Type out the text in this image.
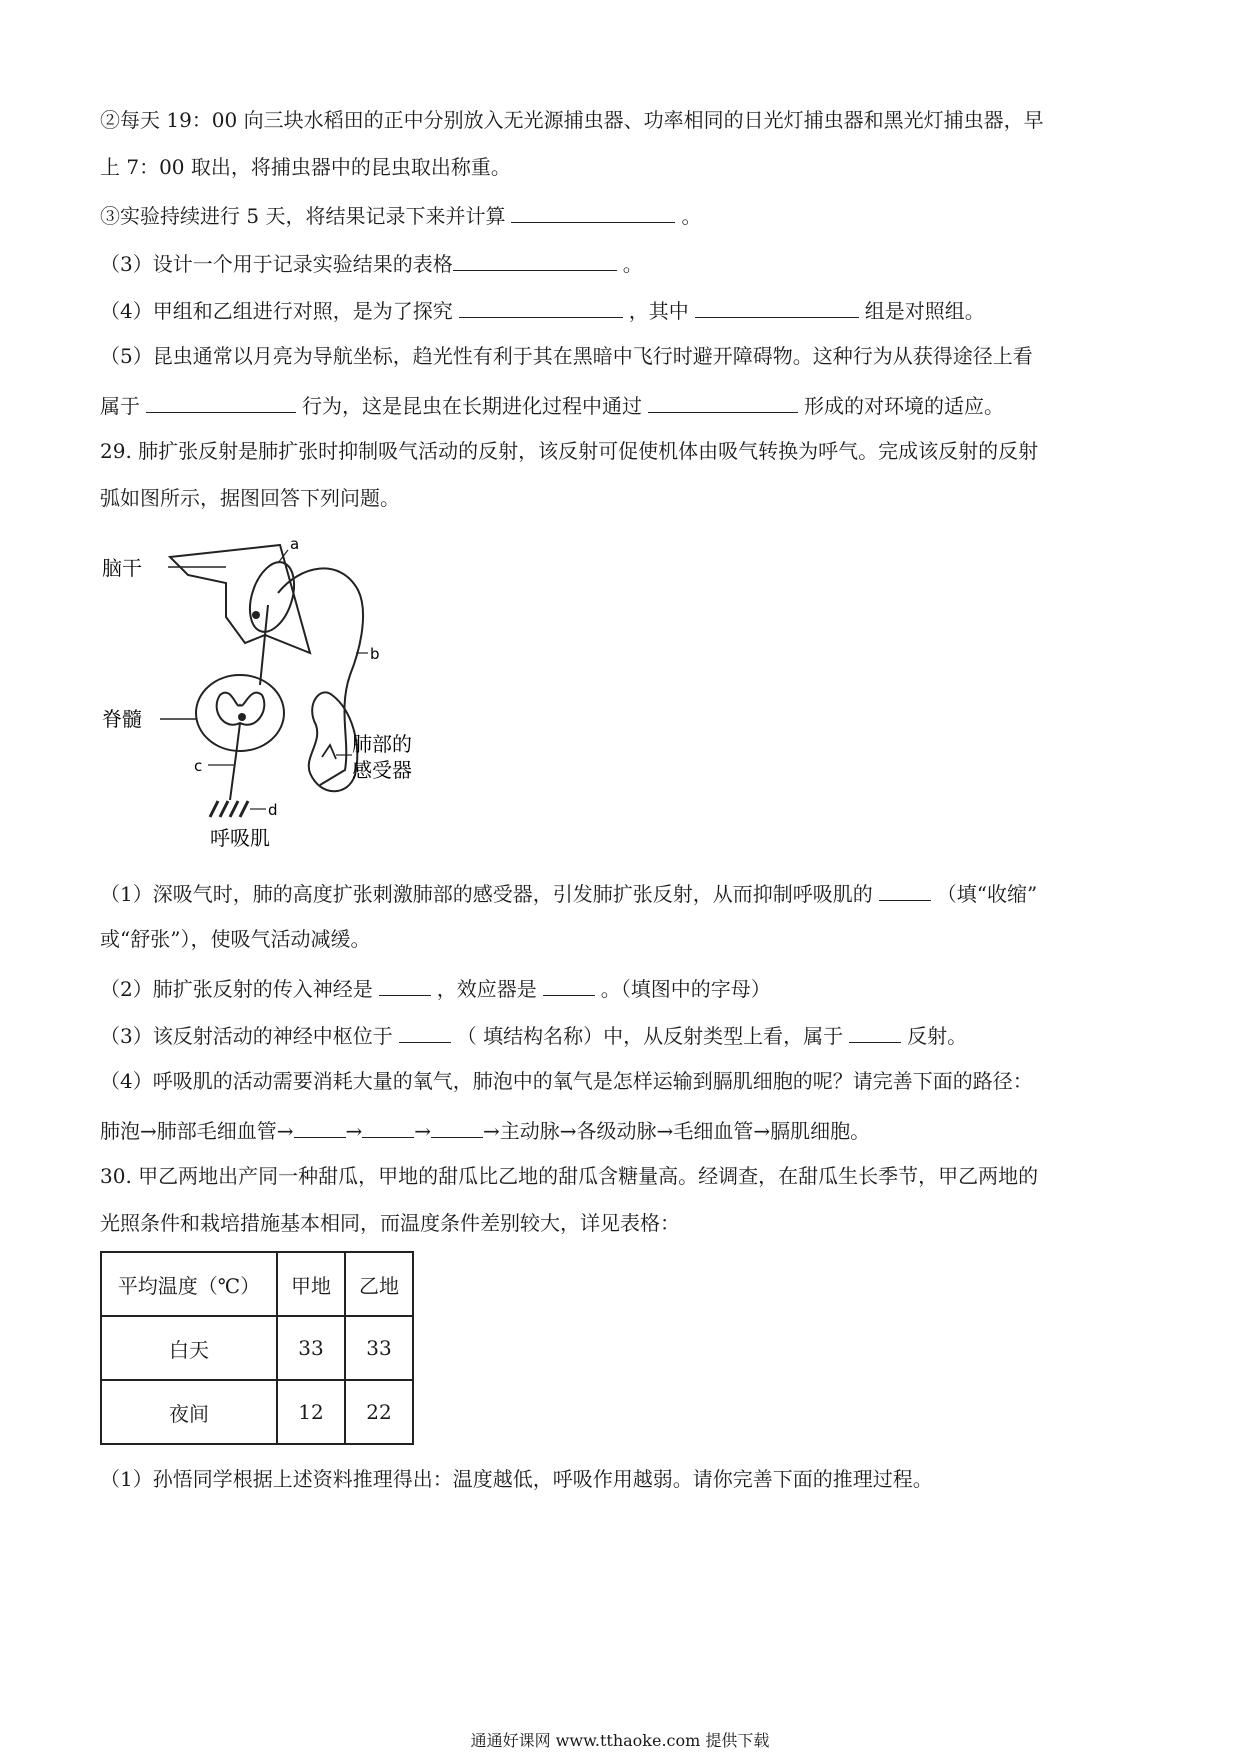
②每天 19：00 向三块水稻田的正中分别放入无光源捕虫器、功率相同的日光灯捕虫器和黑光灯捕虫器，早
上 7：00 取出，将捕虫器中的昆虫取出称重。
③实验持续进行 5 天，将结果记录下来并计算	。
（3）设计一个用于记录实验结果的表格	。
（4）甲组和乙组进行对照，是为了探究	，其中	组是对照组。
（5）昆虫通常以月亮为导航坐标，趋光性有利于其在黑暗中飞行时避开障碍物。这种行为从获得途径上看
属于	行为，这是昆虫在长期进化过程中通过	形成的对环境的适应。
29. 肺扩张反射是肺扩张时抑制吸气活动的反射，该反射可促使机体由吸气转换为呼气。完成该反射的反射
弧如图所示，据图回答下列问题。
脑干
a
b
脊髓
c
d
肺部的
感受器
呼吸肌
（1）深吸气时，肺的高度扩张刺激肺部的感受器，引发肺扩张反射，从而抑制呼吸肌的	（填“收缩”
或“舒张”），使吸气活动减缓。
（2）肺扩张反射的传入神经是	，效应器是	。（填图中的字母）
（3）该反射活动的神经中枢位于	（ 填结构名称）中，从反射类型上看，属于	反射。
（4）呼吸肌的活动需要消耗大量的氧气，肺泡中的氧气是怎样运输到膈肌细胞的呢？请完善下面的路径：
肺泡→肺部毛细血管→	→	→	→主动脉→各级动脉→毛细血管→膈肌细胞。
30. 甲乙两地出产同一种甜瓜，甲地的甜瓜比乙地的甜瓜含糖量高。经调查，在甜瓜生长季节，甲乙两地的
光照条件和栽培措施基本相同，而温度条件差别较大，详见表格：
平均温度（℃）	甲地	乙地
白天	33	33
夜间	12	22
（1）孙悟同学根据上述资料推理得出：温度越低，呼吸作用越弱。请你完善下面的推理过程。
通通好课网 www.tthaoke.com 提供下载
